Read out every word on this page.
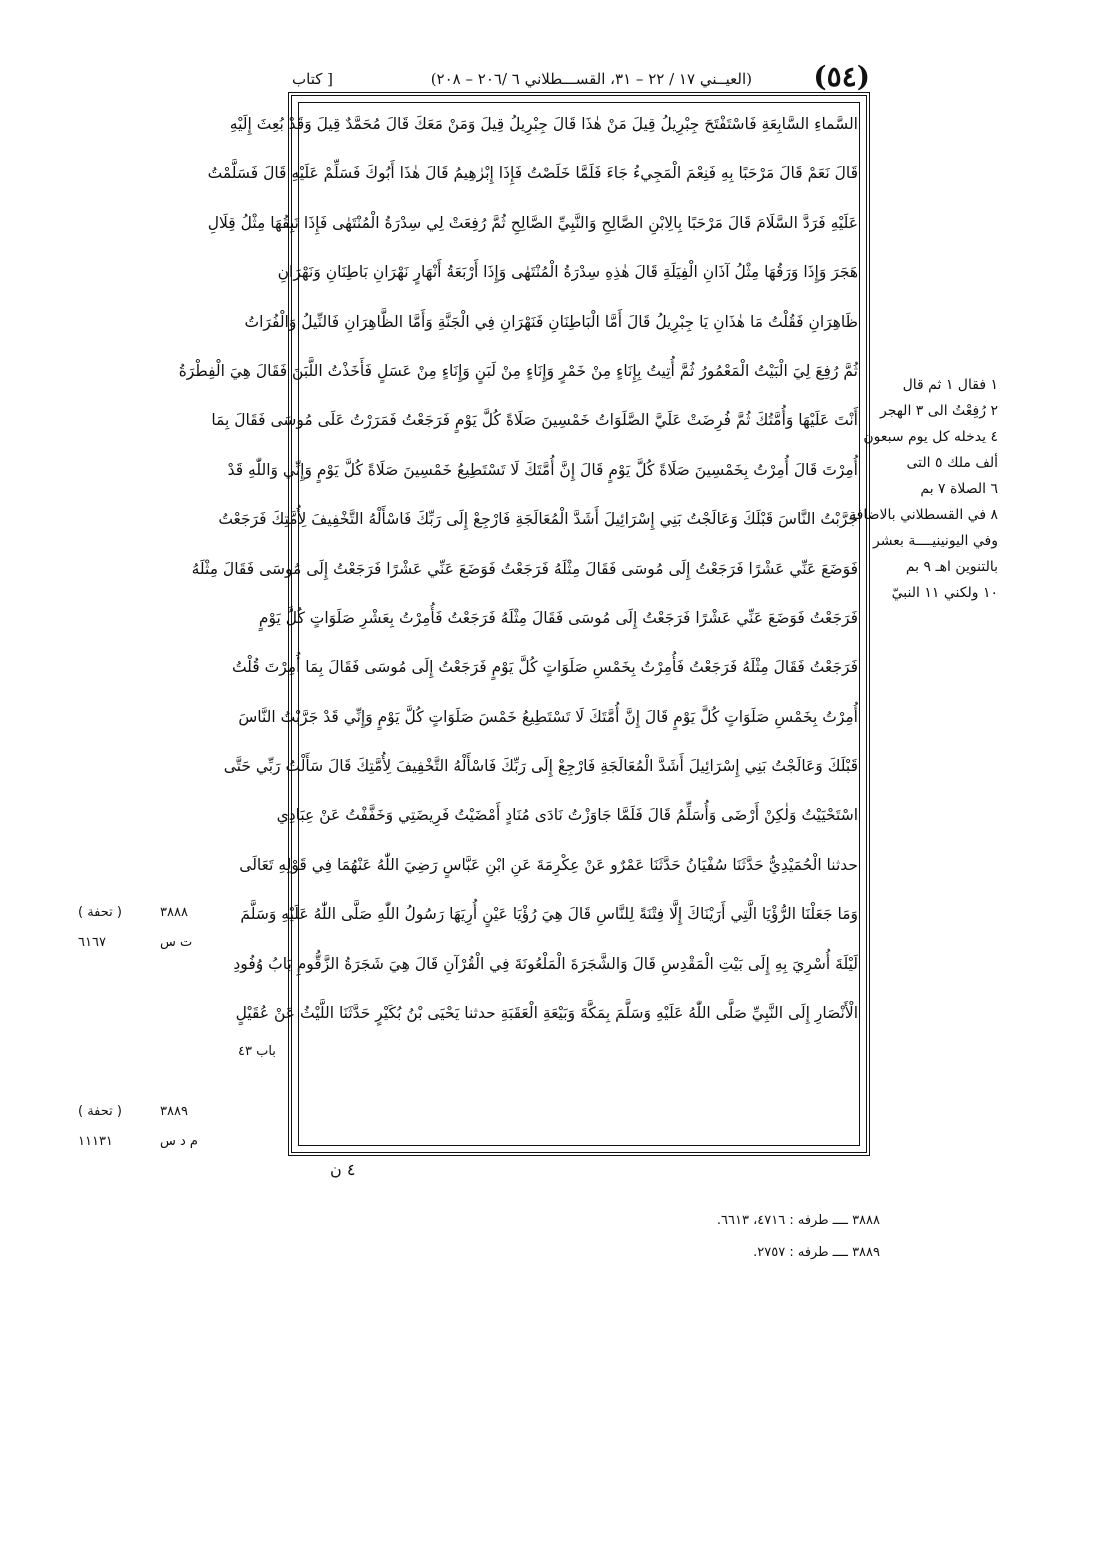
(٥٤)
(العيــني ١٧ / ٢٢ – ٣١، القســـطلاني ٦ /٢٠٦ – ٢٠٨)
[ كتاب
السَّماءِ السَّابِعَةِ فَاسْتَفْتَحَ جِبْرِيلُ قِيلَ مَنْ هٰذَا قَالَ جِبْرِيلُ قِيلَ وَمَنْ مَعَكَ قَالَ مُحَمَّدٌ قِيلَ وَقَدْ بُعِثَ إِلَيْهِ
قَالَ نَعَمْ قَالَ مَرْحَبًا بِهِ فَنِعْمَ الْمَجِيءُ جَاءَ فَلَمَّا خَلَصْتُ فَإِذَا إِبْرٰهِيمُ قَالَ هٰذَا أَبُوكَ فَسَلِّمْ عَلَيْهِ قَالَ فَسَلَّمْتُ
عَلَيْهِ فَرَدَّ السَّلَامَ قَالَ مَرْحَبًا بِالِابْنِ الصَّالِحِ وَالنَّبِيِّ الصَّالِحِ ثُمَّ رُفِعَتْ لِي سِدْرَةُ الْمُنْتَهٰى فَإِذَا نَبِقُهَا مِثْلُ قِلَالِ
هَجَرَ وَإِذَا وَرَقُهَا مِثْلُ آذَانِ الْفِيَلَةِ قَالَ هٰذِهِ سِدْرَةُ الْمُنْتَهٰى وَإِذَا أَرْبَعَةُ أَنْهَارٍ نَهْرَانِ بَاطِنَانِ وَنَهْرَانِ
ظَاهِرَانِ فَقُلْتُ مَا هٰذَانِ يَا جِبْرِيلُ قَالَ أَمَّا الْبَاطِنَانِ فَنَهْرَانِ فِي الْجَنَّةِ وَأَمَّا الظَّاهِرَانِ فَالنِّيلُ وَالْفُرَاتُ
ثُمَّ رُفِعَ لِيَ الْبَيْتُ الْمَعْمُورُ ثُمَّ أُتِيتُ بِإِنَاءٍ مِنْ خَمْرٍ وَإِنَاءٍ مِنْ لَبَنٍ وَإِنَاءٍ مِنْ عَسَلٍ فَأَخَذْتُ اللَّبَنَ فَقَالَ هِيَ الْفِطْرَةُ
أَنْتَ عَلَيْهَا وَأُمَّتُكَ ثُمَّ فُرِضَتْ عَلَيَّ الصَّلَوَاتُ خَمْسِينَ صَلَاةً كُلَّ يَوْمٍ فَرَجَعْتُ فَمَرَرْتُ عَلَى مُوسَى فَقَالَ بِمَا
أُمِرْتَ قَالَ أُمِرْتُ بِخَمْسِينَ صَلَاةً كُلَّ يَوْمٍ قَالَ إِنَّ أُمَّتَكَ لَا تَسْتَطِيعُ خَمْسِينَ صَلَاةً كُلَّ يَوْمٍ وَإِنِّي وَاللّٰهِ قَدْ
جَرَّبْتُ النَّاسَ قَبْلَكَ وَعَالَجْتُ بَنِي إِسْرَائِيلَ أَشَدَّ الْمُعَالَجَةِ فَارْجِعْ إِلَى رَبِّكَ فَاسْأَلْهُ التَّخْفِيفَ لِأُمَّتِكَ فَرَجَعْتُ
فَوَضَعَ عَنِّي عَشْرًا فَرَجَعْتُ إِلَى مُوسَى فَقَالَ مِثْلَهُ فَرَجَعْتُ فَوَضَعَ عَنِّي عَشْرًا فَرَجَعْتُ إِلَى مُوسَى فَقَالَ مِثْلَهُ
فَرَجَعْتُ فَوَضَعَ عَنِّي عَشْرًا فَرَجَعْتُ إِلَى مُوسَى فَقَالَ مِثْلَهُ فَرَجَعْتُ فَأُمِرْتُ بِعَشْرِ صَلَوَاتٍ كُلَّ يَوْمٍ
فَرَجَعْتُ فَقَالَ مِثْلَهُ فَرَجَعْتُ فَأُمِرْتُ بِخَمْسِ صَلَوَاتٍ كُلَّ يَوْمٍ فَرَجَعْتُ إِلَى مُوسَى فَقَالَ بِمَا أُمِرْتَ قُلْتُ
أُمِرْتُ بِخَمْسِ صَلَوَاتٍ كُلَّ يَوْمٍ قَالَ إِنَّ أُمَّتَكَ لَا تَسْتَطِيعُ خَمْسَ صَلَوَاتٍ كُلَّ يَوْمٍ وَإِنِّي قَدْ جَرَّبْتُ النَّاسَ
قَبْلَكَ وَعَالَجْتُ بَنِي إِسْرَائِيلَ أَشَدَّ الْمُعَالَجَةِ فَارْجِعْ إِلَى رَبِّكَ فَاسْأَلْهُ التَّخْفِيفَ لِأُمَّتِكَ قَالَ سَأَلْتُ رَبِّي حَتَّى
اسْتَحْيَيْتُ وَلٰكِنْ أَرْضَى وَأُسَلِّمُ قَالَ فَلَمَّا جَاوَزْتُ نَادَى مُنَادٍ أَمْضَيْتُ فَرِيضَتِي وَخَفَّفْتُ عَنْ عِبَادِي
حدثنا الْحُمَيْدِيُّ حَدَّثَنَا سُفْيَانُ حَدَّثَنَا عَمْرٌو عَنْ عِكْرِمَةَ عَنِ ابْنِ عَبَّاسٍ رَضِيَ اللّٰهُ عَنْهُمَا فِي قَوْلِهِ تَعَالَى
وَمَا جَعَلْنَا الرُّؤْيَا الَّتِي أَرَيْنَاكَ إِلَّا فِتْنَةً لِلنَّاسِ قَالَ هِيَ رُؤْيَا عَيْنٍ أُرِيَهَا رَسُولُ اللّٰهِ صَلَّى اللّٰهُ عَلَيْهِ وَسَلَّمَ
لَيْلَةَ أُسْرِيَ بِهِ إِلَى بَيْتِ الْمَقْدِسِ قَالَ وَالشَّجَرَةَ الْمَلْعُونَةَ فِي الْقُرْآنِ قَالَ هِيَ شَجَرَةُ الزَّقُّومِ بَابُ وُفُودِ
الْأَنْصَارِ إِلَى النَّبِيِّ صَلَّى اللّٰهُ عَلَيْهِ وَسَلَّمَ بِمَكَّةَ وَبَيْعَةِ الْعَقَبَةِ حدثنا يَحْيَى بْنُ بُكَيْرٍ حَدَّثَنَا اللَّيْثُ عَنْ عُقَيْلٍ
١ فقال ١ ثم قال
٢ رُفِعْتُ الى ٣ الهجر
٤ يدخله كل يوم سبعون
ألف ملك ٥ التى
٦ الصلاة ٧ بم
٨ في القسطلاني بالاضافة
وفي اليونينيــــة بعشر
بالتنوين اهـ ٩ بم
١٠ ولكني ١١ النبيّ
٣٨٨٨
( تحفة )
ت س
٦١٦٧
باب ٤٣
٣٨٨٩
( تحفة )
م د س
١١١٣١
٤ ن
٣٨٨٨ ــــ طرفه : ٤٧١٦، ٦٦١٣.
٣٨٨٩ ــــ طرفه : ٢٧٥٧.
